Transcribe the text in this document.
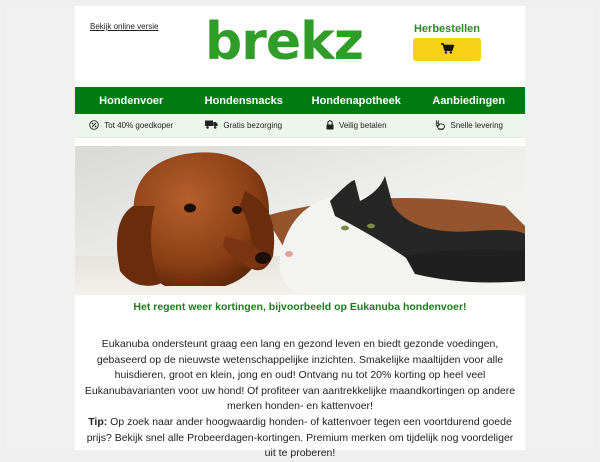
Bekijk online versie brekz	Herbestellen
Hondenvoer	Hondensnacks	Hondenapotheek	Aanbiedingen
Tot 40% goedkoper	Gratis bezorging	Veilig betalen	Snelle levering
Het regent weer kortingen, bijvoorbeeld op Eukanuba hondenvoer!
Eukanuba ondersteunt graag een lang en gezond leven en biedt gezonde voedingen, gebaseerd op de nieuwste wetenschappelijke inzichten. Smakelijke maaltijden voor alle huisdieren, groot en klein, jong en oud! Ontvang nu tot 20% korting op heel veel Eukanubavarianten voor uw hond! Of profiteer van aantrekkelijke maandkortingen op andere merken honden- en kattenvoer!
Tip: Op zoek naar ander hoogwaardig honden- of kattenvoer tegen een voortdurend goede prijs? Bekijk snel alle Probeerdagen-kortingen. Premium merken om tijdelijk nog voordeliger uit te proberen!
